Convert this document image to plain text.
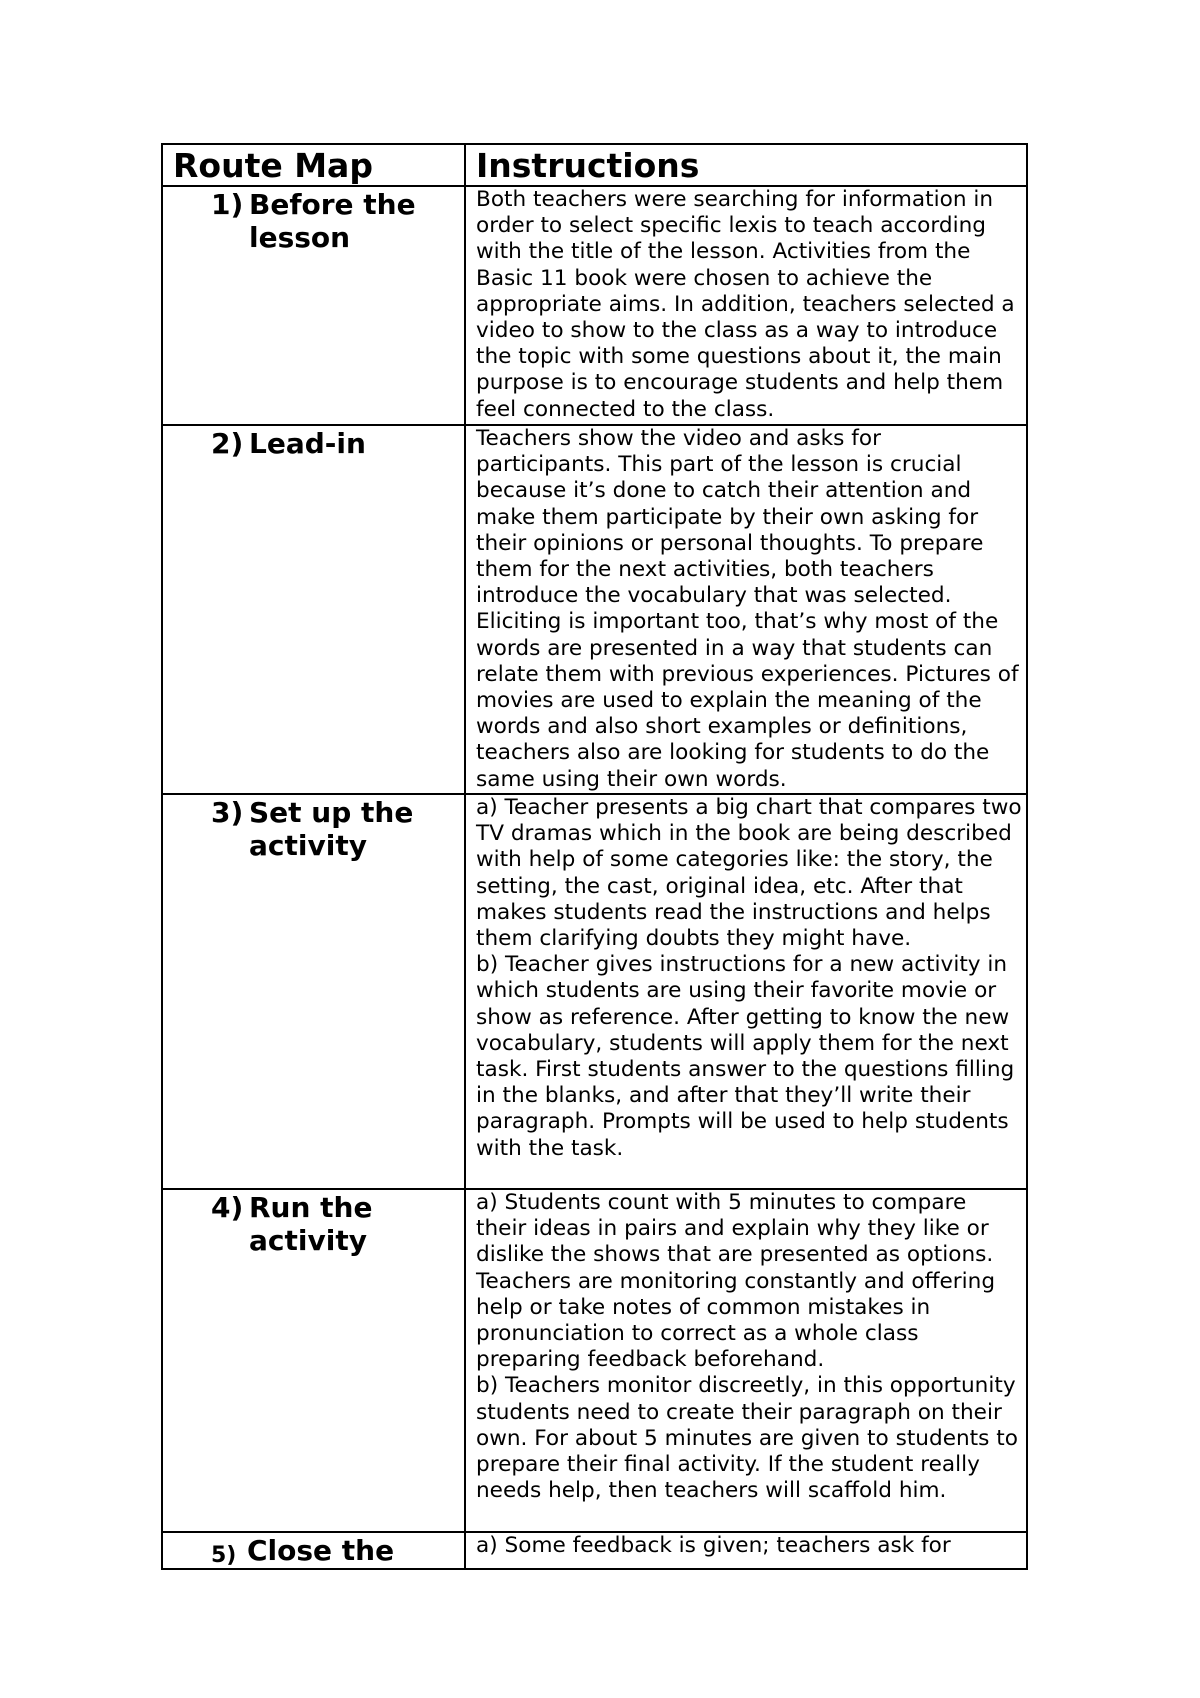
Route Map	Instructions

1) Before the lesson	Both teachers were searching for information in order to select specific lexis to teach according with the title of the lesson. Activities from the Basic 11 book were chosen to achieve the appropriate aims. In addition, teachers selected a video to show to the class as a way to introduce the topic with some questions about it, the main purpose is to encourage students and help them feel connected to the class.

2) Lead-in	Teachers show the video and asks for participants. This part of the lesson is crucial because it’s done to catch their attention and make them participate by their own asking for their opinions or personal thoughts. To prepare them for the next activities, both teachers introduce the vocabulary that was selected. Eliciting is important too, that’s why most of the words are presented in a way that students can relate them with previous experiences. Pictures of movies are used to explain the meaning of the words and also short examples or definitions, teachers also are looking for students to do the same using their own words.

3) Set up the activity	a) Teacher presents a big chart that compares two TV dramas which in the book are being described with help of some categories like: the story, the setting, the cast, original idea, etc. After that makes students read the instructions and helps them clarifying doubts they might have.
b) Teacher gives instructions for a new activity in which students are using their favorite movie or show as reference. After getting to know the new vocabulary, students will apply them for the next task. First students answer to the questions filling in the blanks, and after that they’ll write their paragraph. Prompts will be used to help students with the task.

4) Run the activity	a) Students count with 5 minutes to compare their ideas in pairs and explain why they like or dislike the shows that are presented as options. Teachers are monitoring constantly and offering help or take notes of common mistakes in pronunciation to correct as a whole class preparing feedback beforehand.
b) Teachers monitor discreetly, in this opportunity students need to create their paragraph on their own. For about 5 minutes are given to students to prepare their final activity. If the student really needs help, then teachers will scaffold him.

5) Close the	a) Some feedback is given; teachers ask for
